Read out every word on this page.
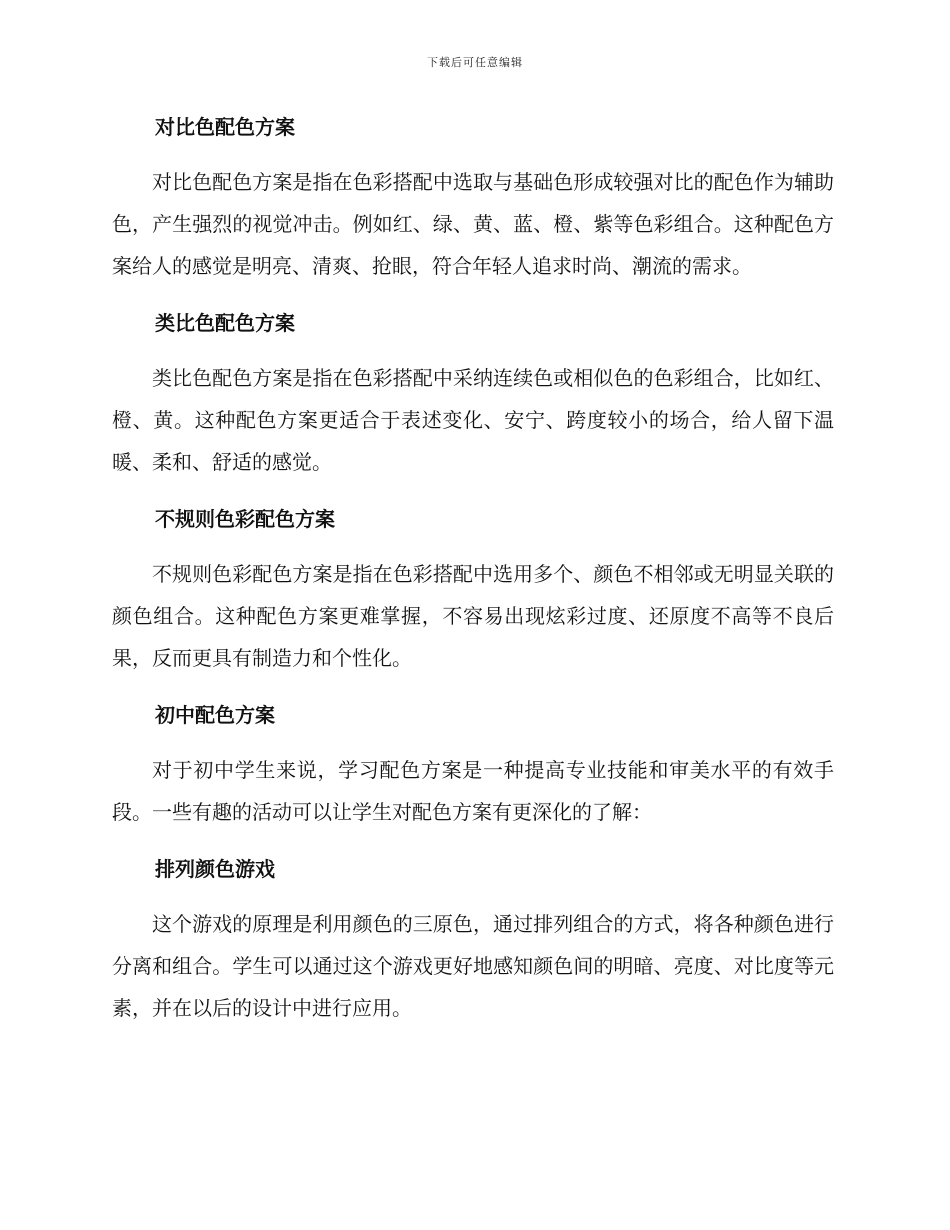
下载后可任意编辑
对比色配色方案

对比色配色方案是指在色彩搭配中选取与基础色形成较强对比的配色作为辅助色，产生强烈的视觉冲击。例如红、绿、黄、蓝、橙、紫等色彩组合。这种配色方案给人的感觉是明亮、清爽、抢眼，符合年轻人追求时尚、潮流的需求。

类比色配色方案

类比色配色方案是指在色彩搭配中采纳连续色或相似色的色彩组合，比如红、橙、黄。这种配色方案更适合于表述变化、安宁、跨度较小的场合，给人留下温暖、柔和、舒适的感觉。

不规则色彩配色方案

不规则色彩配色方案是指在色彩搭配中选用多个、颜色不相邻或无明显关联的颜色组合。这种配色方案更难掌握，不容易出现炫彩过度、还原度不高等不良后果，反而更具有制造力和个性化。

初中配色方案

对于初中学生来说，学习配色方案是一种提高专业技能和审美水平的有效手段。一些有趣的活动可以让学生对配色方案有更深化的了解：

排列颜色游戏

这个游戏的原理是利用颜色的三原色，通过排列组合的方式，将各种颜色进行分离和组合。学生可以通过这个游戏更好地感知颜色间的明暗、亮度、对比度等元素，并在以后的设计中进行应用。
